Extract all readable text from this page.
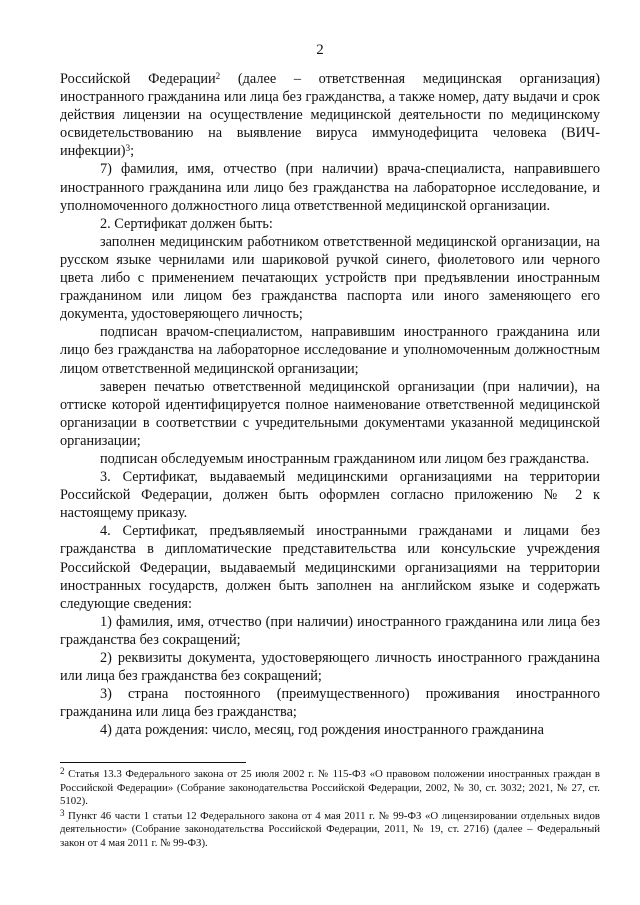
2

Российской Федерации$^2$ (далее – ответственная медицинская организация) иностранного гражданина или лица без гражданства, а также номер, дату выдачи и срок действия лицензии на осуществление медицинской деятельности по медицинскому освидетельствованию на выявление вируса иммунодефицита человека (ВИЧ-инфекции)$^3$;

7) фамилия, имя, отчество (при наличии) врача-специалиста, направившего иностранного гражданина или лицо без гражданства на лабораторное исследование, и уполномоченного должностного лица ответственной медицинской организации.

2. Сертификат должен быть:

заполнен медицинским работником ответственной медицинской организации, на русском языке чернилами или шариковой ручкой синего, фиолетового или черного цвета либо с применением печатающих устройств при предъявлении иностранным гражданином или лицом без гражданства паспорта или иного заменяющего его документа, удостоверяющего личность;

подписан врачом-специалистом, направившим иностранного гражданина или лицо без гражданства на лабораторное исследование и уполномоченным должностным лицом ответственной медицинской организации;

заверен печатью ответственной медицинской организации (при наличии), на оттиске которой идентифицируется полное наименование ответственной медицинской организации в соответствии с учредительными документами указанной медицинской организации;

подписан обследуемым иностранным гражданином или лицом без гражданства.

3. Сертификат, выдаваемый медицинскими организациями на территории Российской Федерации, должен быть оформлен согласно приложению № 2 к настоящему приказу.

4. Сертификат, предъявляемый иностранными гражданами и лицами без гражданства в дипломатические представительства или консульские учреждения Российской Федерации, выдаваемый медицинскими организациями на территории иностранных государств, должен быть заполнен на английском языке и содержать следующие сведения:

1) фамилия, имя, отчество (при наличии) иностранного гражданина или лица без гражданства без сокращений;

2) реквизиты документа, удостоверяющего личность иностранного гражданина или лица без гражданства без сокращений;

3) страна постоянного (преимущественного) проживания иностранного гражданина или лица без гражданства;

4) дата рождения: число, месяц, год рождения иностранного гражданина

$^2$ Статья 13.3 Федерального закона от 25 июля 2002 г. № 115-ФЗ «О правовом положении иностранных граждан в Российской Федерации» (Собрание законодательства Российской Федерации, 2002, № 30, ст. 3032; 2021, № 27, ст. 5102).

$^3$ Пункт 46 части 1 статьи 12 Федерального закона от 4 мая 2011 г. № 99-ФЗ «О лицензировании отдельных видов деятельности» (Собрание законодательства Российской Федерации, 2011, № 19, ст. 2716) (далее – Федеральный закон от 4 мая 2011 г. № 99-ФЗ).
